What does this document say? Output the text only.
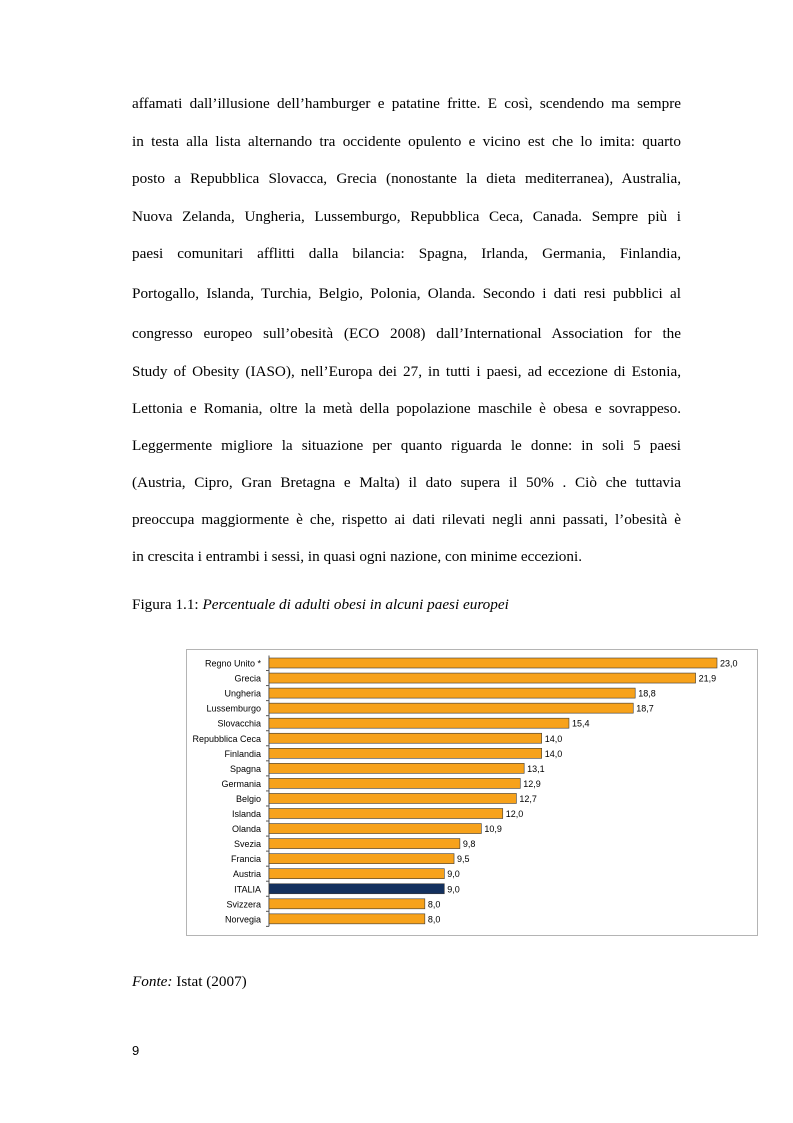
affamati dall’illusione dell’hamburger e patatine fritte. E così, scendendo ma sempre
in testa alla lista alternando tra occidente opulento e vicino est che lo imita: quarto
posto a Repubblica Slovacca, Grecia (nonostante la dieta mediterranea), Australia,
Nuova Zelanda, Ungheria, Lussemburgo, Repubblica Ceca, Canada. Sempre più i
paesi comunitari afflitti dalla bilancia: Spagna, Irlanda, Germania, Finlandia,
Portogallo, Islanda, Turchia, Belgio, Polonia, Olanda. Secondo i dati resi pubblici al
congresso europeo sull’obesità (ECO 2008) dall’International Association for the
Study of Obesity (IASO), nell’Europa dei 27, in tutti i paesi, ad eccezione di Estonia,
Lettonia e Romania, oltre la metà della popolazione maschile è obesa e sovrappeso.
Leggermente migliore la situazione per quanto riguarda le donne: in soli 5 paesi
(Austria, Cipro, Gran Bretagna e Malta) il dato supera il 50% . Ciò che tuttavia
preoccupa maggiormente è che, rispetto ai dati rilevati negli anni passati, l’obesità è
in crescita i entrambi i sessi, in quasi ogni nazione, con minime eccezioni.
Figura 1.1: Percentuale di adulti obesi in alcuni paesi europei
Regno Unito *	23,0
Grecia	21,9
Ungheria	18,8
Lussemburgo	18,7
Slovacchia	15,4
Repubblica Ceca	14,0
Finlandia	14,0
Spagna	13,1
Germania	12,9
Belgio	12,7
Islanda	12,0
Olanda	10,9
Svezia	9,8
Francia	9,5
Austria	9,0
ITALIA	9,0
Svizzera	8,0
Norvegia	8,0
Fonte: Istat (2007)
9
